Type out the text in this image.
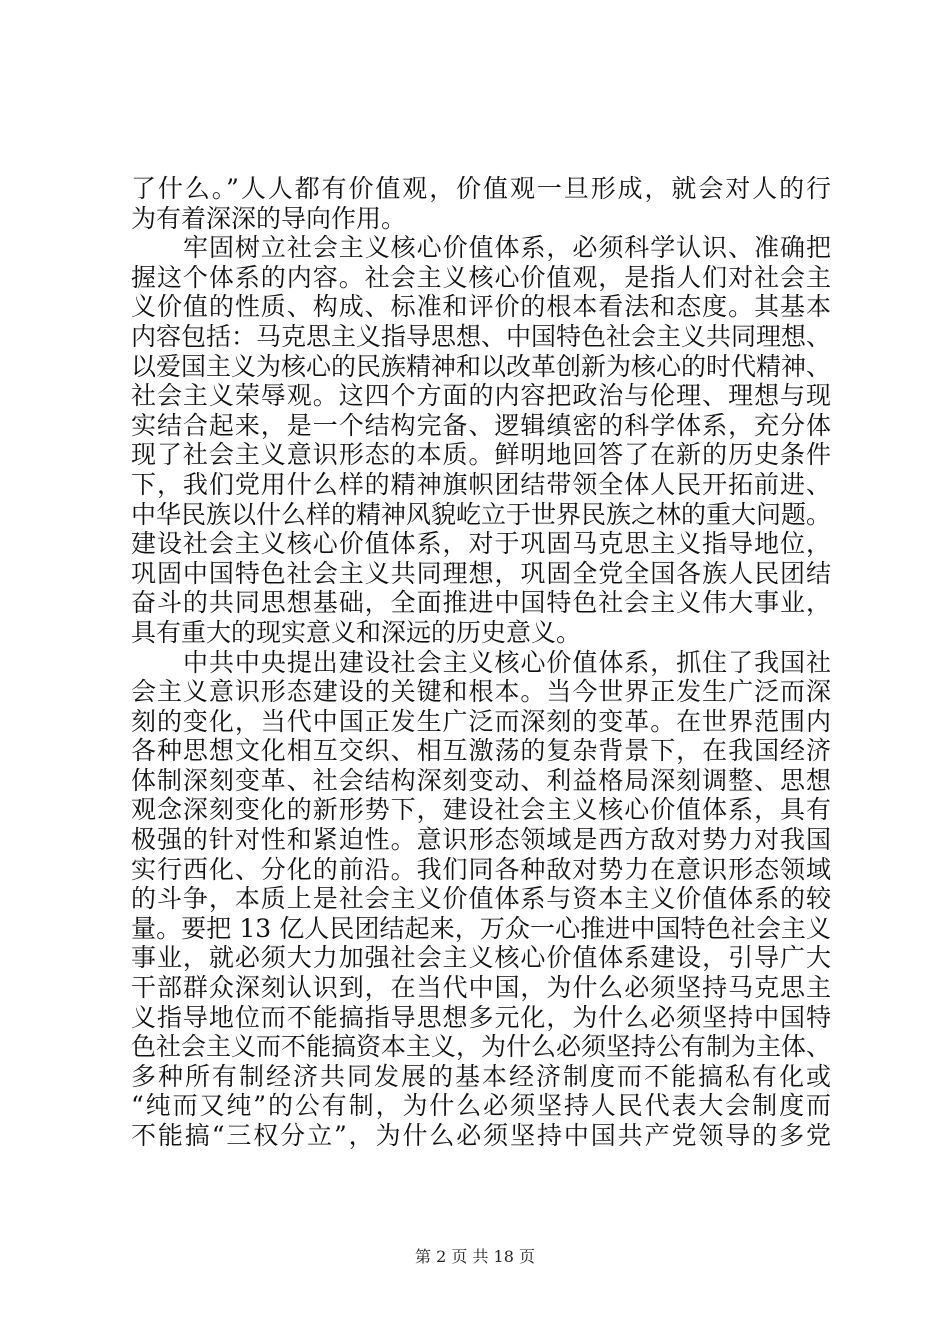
了什么。”人人都有价值观，价值观一旦形成，就会对人的行
为有着深深的导向作用。
牢固树立社会主义核心价值体系，必须科学认识、准确把
握这个体系的内容。社会主义核心价值观，是指人们对社会主
义价值的性质、构成、标准和评价的根本看法和态度。其基本
内容包括：马克思主义指导思想、中国特色社会主义共同理想、
以爱国主义为核心的民族精神和以改革创新为核心的时代精神、
社会主义荣辱观。这四个方面的内容把政治与伦理、理想与现
实结合起来，是一个结构完备、逻辑缜密的科学体系，充分体
现了社会主义意识形态的本质。鲜明地回答了在新的历史条件
下，我们党用什么样的精神旗帜团结带领全体人民开拓前进、
中华民族以什么样的精神风貌屹立于世界民族之林的重大问题。
建设社会主义核心价值体系，对于巩固马克思主义指导地位，
巩固中国特色社会主义共同理想，巩固全党全国各族人民团结
奋斗的共同思想基础，全面推进中国特色社会主义伟大事业，
具有重大的现实意义和深远的历史意义。
中共中央提出建设社会主义核心价值体系，抓住了我国社
会主义意识形态建设的关键和根本。当今世界正发生广泛而深
刻的变化，当代中国正发生广泛而深刻的变革。在世界范围内
各种思想文化相互交织、相互激荡的复杂背景下，在我国经济
体制深刻变革、社会结构深刻变动、利益格局深刻调整、思想
观念深刻变化的新形势下，建设社会主义核心价值体系，具有
极强的针对性和紧迫性。意识形态领域是西方敌对势力对我国
实行西化、分化的前沿。我们同各种敌对势力在意识形态领域
的斗争，本质上是社会主义价值体系与资本主义价值体系的较
量。要把 13 亿人民团结起来，万众一心推进中国特色社会主义
事业，就必须大力加强社会主义核心价值体系建设，引导广大
干部群众深刻认识到，在当代中国，为什么必须坚持马克思主
义指导地位而不能搞指导思想多元化，为什么必须坚持中国特
色社会主义而不能搞资本主义，为什么必须坚持公有制为主体、
多种所有制经济共同发展的基本经济制度而不能搞私有化或
“纯而又纯”的公有制，为什么必须坚持人民代表大会制度而
不能搞“三权分立”，为什么必须坚持中国共产党领导的多党
第 2 页 共 18 页
